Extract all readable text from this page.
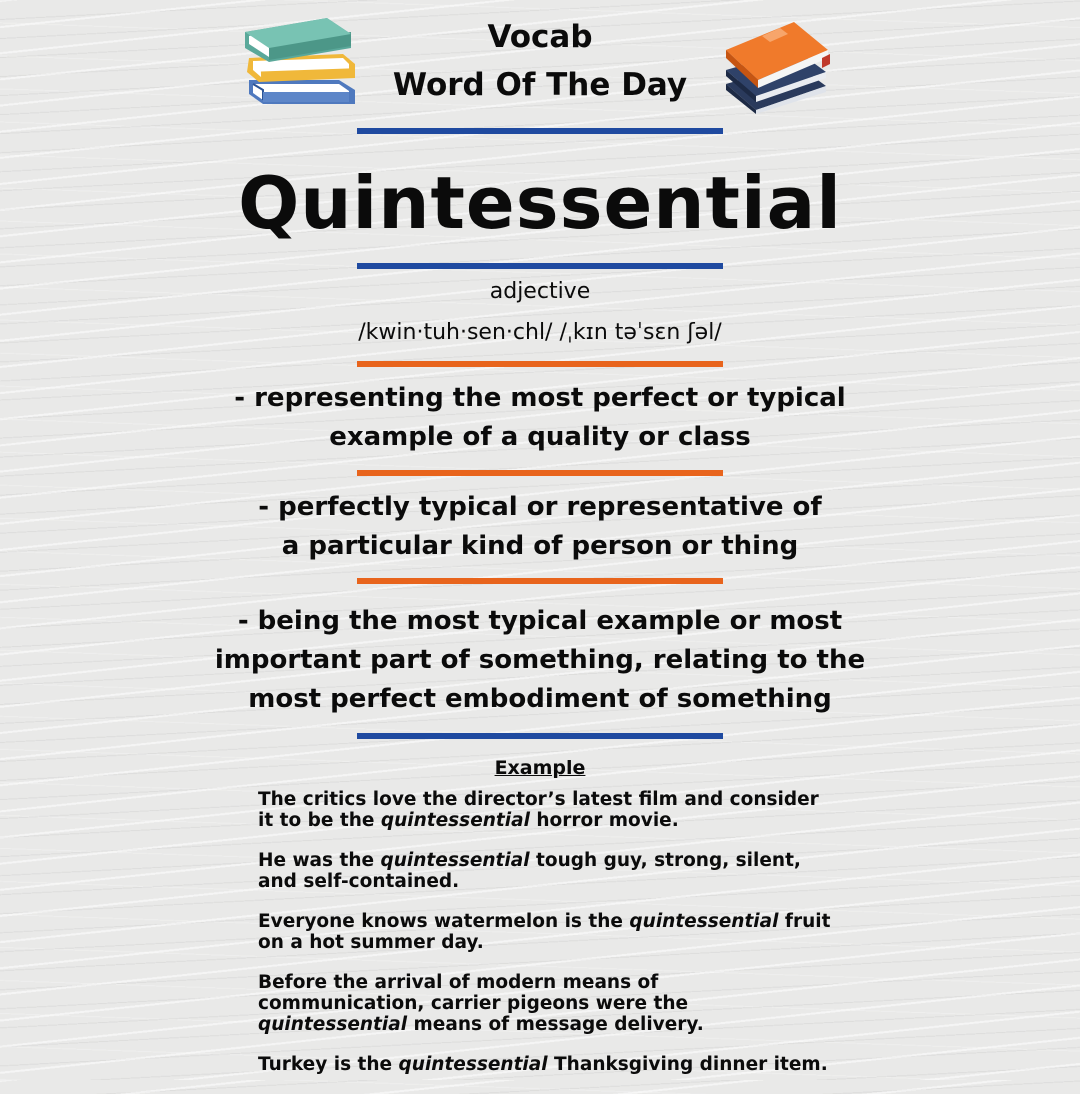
Vocab
Word Of The Day
Quintessential
adjective
/kwin·tuh·sen·chl/ /ˌkɪn təˈsɛn ʃəl/
- representing the most perfect or typical
example of a quality or class
- perfectly typical or representative of
a particular kind of person or thing
- being the most typical example or most
important part of something, relating to the
most perfect embodiment of something
Example

The critics love the director’s latest film and consider
it to be the quintessential horror movie.

He was the quintessential tough guy, strong, silent,
and self-contained.

Everyone knows watermelon is the quintessential fruit
on a hot summer day.

Before the arrival of modern means of
communication, carrier pigeons were the
quintessential means of message delivery.

Turkey is the quintessential Thanksgiving dinner item.
